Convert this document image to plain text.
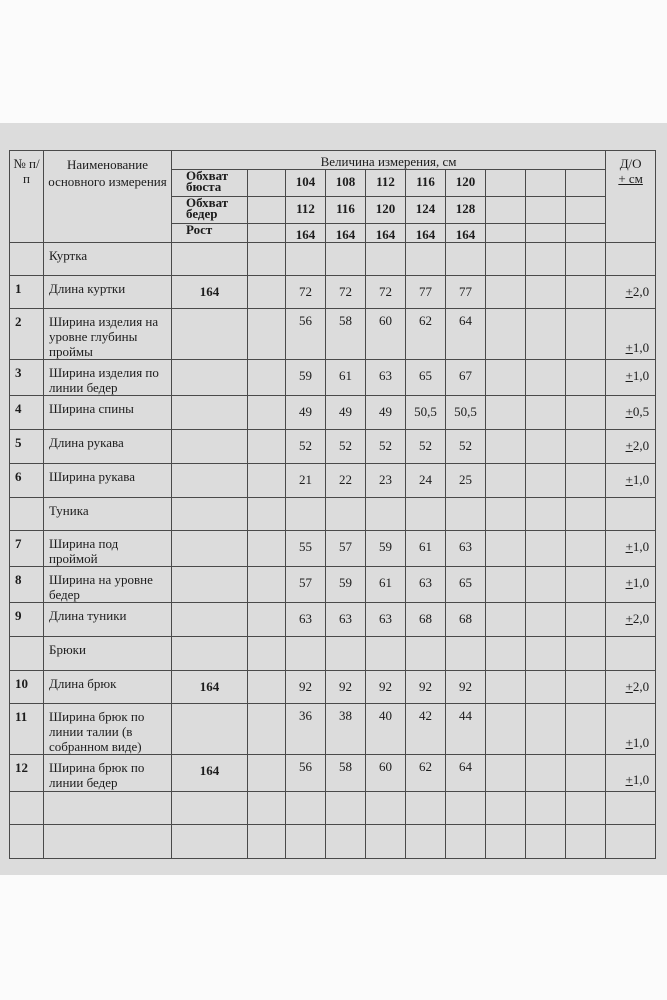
№ п/п	Наименование основного измерения	Величина измерения, см										Д/О
+ см

		Обхват бюста		104	108	112	116	120				
		Обхват бедер		112	116	120	124	128				
		Рост		164	164	164	164	164				
	Куртка											
1	Длина куртки	164		72	72	72	77	77				+2,0
2	Ширина изделия на уровне глубины проймы			56	58	60	62	64				+1,0
3	Ширина изделия по линии бедер			59	61	63	65	67				+1,0
4	Ширина спины			49	49	49	50,5	50,5				+0,5
5	Длина рукава			52	52	52	52	52				+2,0
6	Ширина рукава			21	22	23	24	25				+1,0
	Туника											
7	Ширина под проймой			55	57	59	61	63				+1,0
8	Ширина на уровне бедер			57	59	61	63	65				+1,0
9	Длина туники			63	63	63	68	68				+2,0
	Брюки											
10	Длина брюк	164		92	92	92	92	92				+2,0
11	Ширина брюк по линии талии (в собранном виде)			36	38	40	42	44				+1,0
12	Ширина брюк по линии бедер	164		56	58	60	62	64				+1,0
